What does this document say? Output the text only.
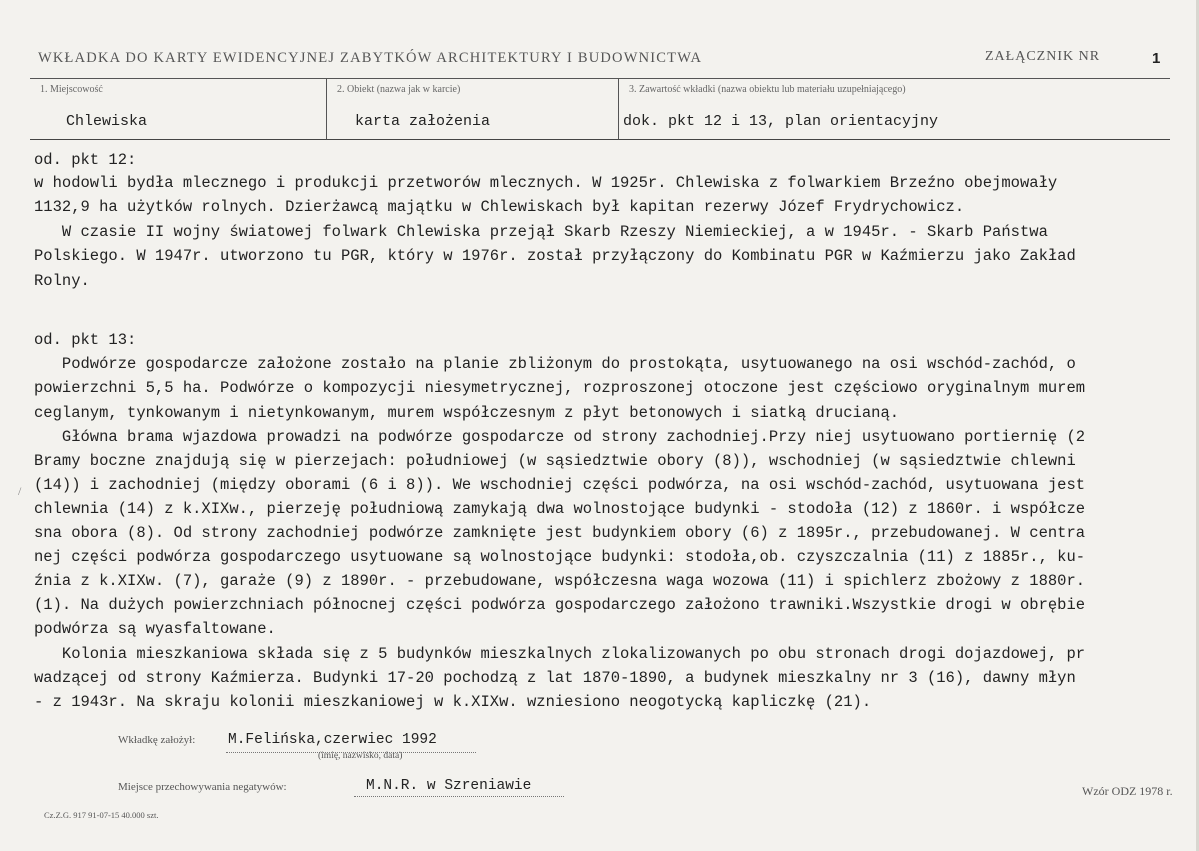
WKŁADKA DO KARTY EWIDENCYJNEJ ZABYTKÓW ARCHITEKTURY I BUDOWNICTWA	ZAŁĄCZNIK NR	1
1. Miejscowość
Chlewiska
2. Obiekt (nazwa jak w karcie)
karta założenia
3. Zawartość wkładki (nazwa obiektu lub materiału uzupełniającego)
dok. pkt 12 i 13, plan orientacyjny
od. pkt 12:
w hodowli bydła mlecznego i produkcji przetworów mlecznych. W 1925r. Chlewiska z folwarkiem Brzeźno obejmowały
1132,9 ha użytków rolnych. Dzierżawcą majątku w Chlewiskach był kapitan rezerwy Józef Frydrychowicz.
W czasie II wojny światowej folwark Chlewiska przejął Skarb Rzeszy Niemieckiej, a w 1945r. - Skarb Państwa
Polskiego. W 1947r. utworzono tu PGR, który w 1976r. został przyłączony do Kombinatu PGR w Kaźmierzu jako Zakład
Rolny.
od. pkt 13:
Podwórze gospodarcze założone zostało na planie zbliżonym do prostokąta, usytuowanego na osi wschód-zachód, o
powierzchni 5,5 ha. Podwórze o kompozycji niesymetrycznej, rozproszonej otoczone jest częściowo oryginalnym murem
ceglanym, tynkowanym i nietynkowanym, murem współczesnym z płyt betonowych i siatką drucianą.
Główna brama wjazdowa prowadzi na podwórze gospodarcze od strony zachodniej.Przy niej usytuowano portiernię (2
Bramy boczne znajdują się w pierzejach: południowej (w sąsiedztwie obory (8)), wschodniej (w sąsiedztwie chlewni
(14)) i zachodniej (między oborami (6 i 8)). We wschodniej części podwórza, na osi wschód-zachód, usytuowana jest
chlewnia (14) z k.XIXw., pierzeję południową zamykają dwa wolnostojące budynki - stodoła (12) z 1860r. i współcze
sna obora (8). Od strony zachodniej podwórze zamknięte jest budynkiem obory (6) z 1895r., przebudowanej. W centra
nej części podwórza gospodarczego usytuowane są wolnostojące budynki: stodoła,ob. czyszczalnia (11) z 1885r., ku-
źnia z k.XIXw. (7), garaże (9) z 1890r. - przebudowane, współczesna waga wozowa (11) i spichlerz zbożowy z 1880r.
(1). Na dużych powierzchniach północnej części podwórza gospodarczego założono trawniki.Wszystkie drogi w obrębie
podwórza są wyasfaltowane.
Kolonia mieszkaniowa składa się z 5 budynków mieszkalnych zlokalizowanych po obu stronach drogi dojazdowej, pr
wadzącej od strony Kaźmierza. Budynki 17-20 pochodzą z lat 1870-1890, a budynek mieszkalny nr 3 (16), dawny młyn
- z 1943r. Na skraju kolonii mieszkaniowej w k.XIXw. wzniesiono neogotycką kapliczkę (21).
/
Wkładkę założył: M.Felińska,czerwiec 1992
(imię, nazwisko, data)
Miejsce przechowywania negatywów:	M.N.R. w Szreniawie	Wzór ODZ 1978 r.
Cz.Z.G. 917 91-07-15 40.000 szt.
